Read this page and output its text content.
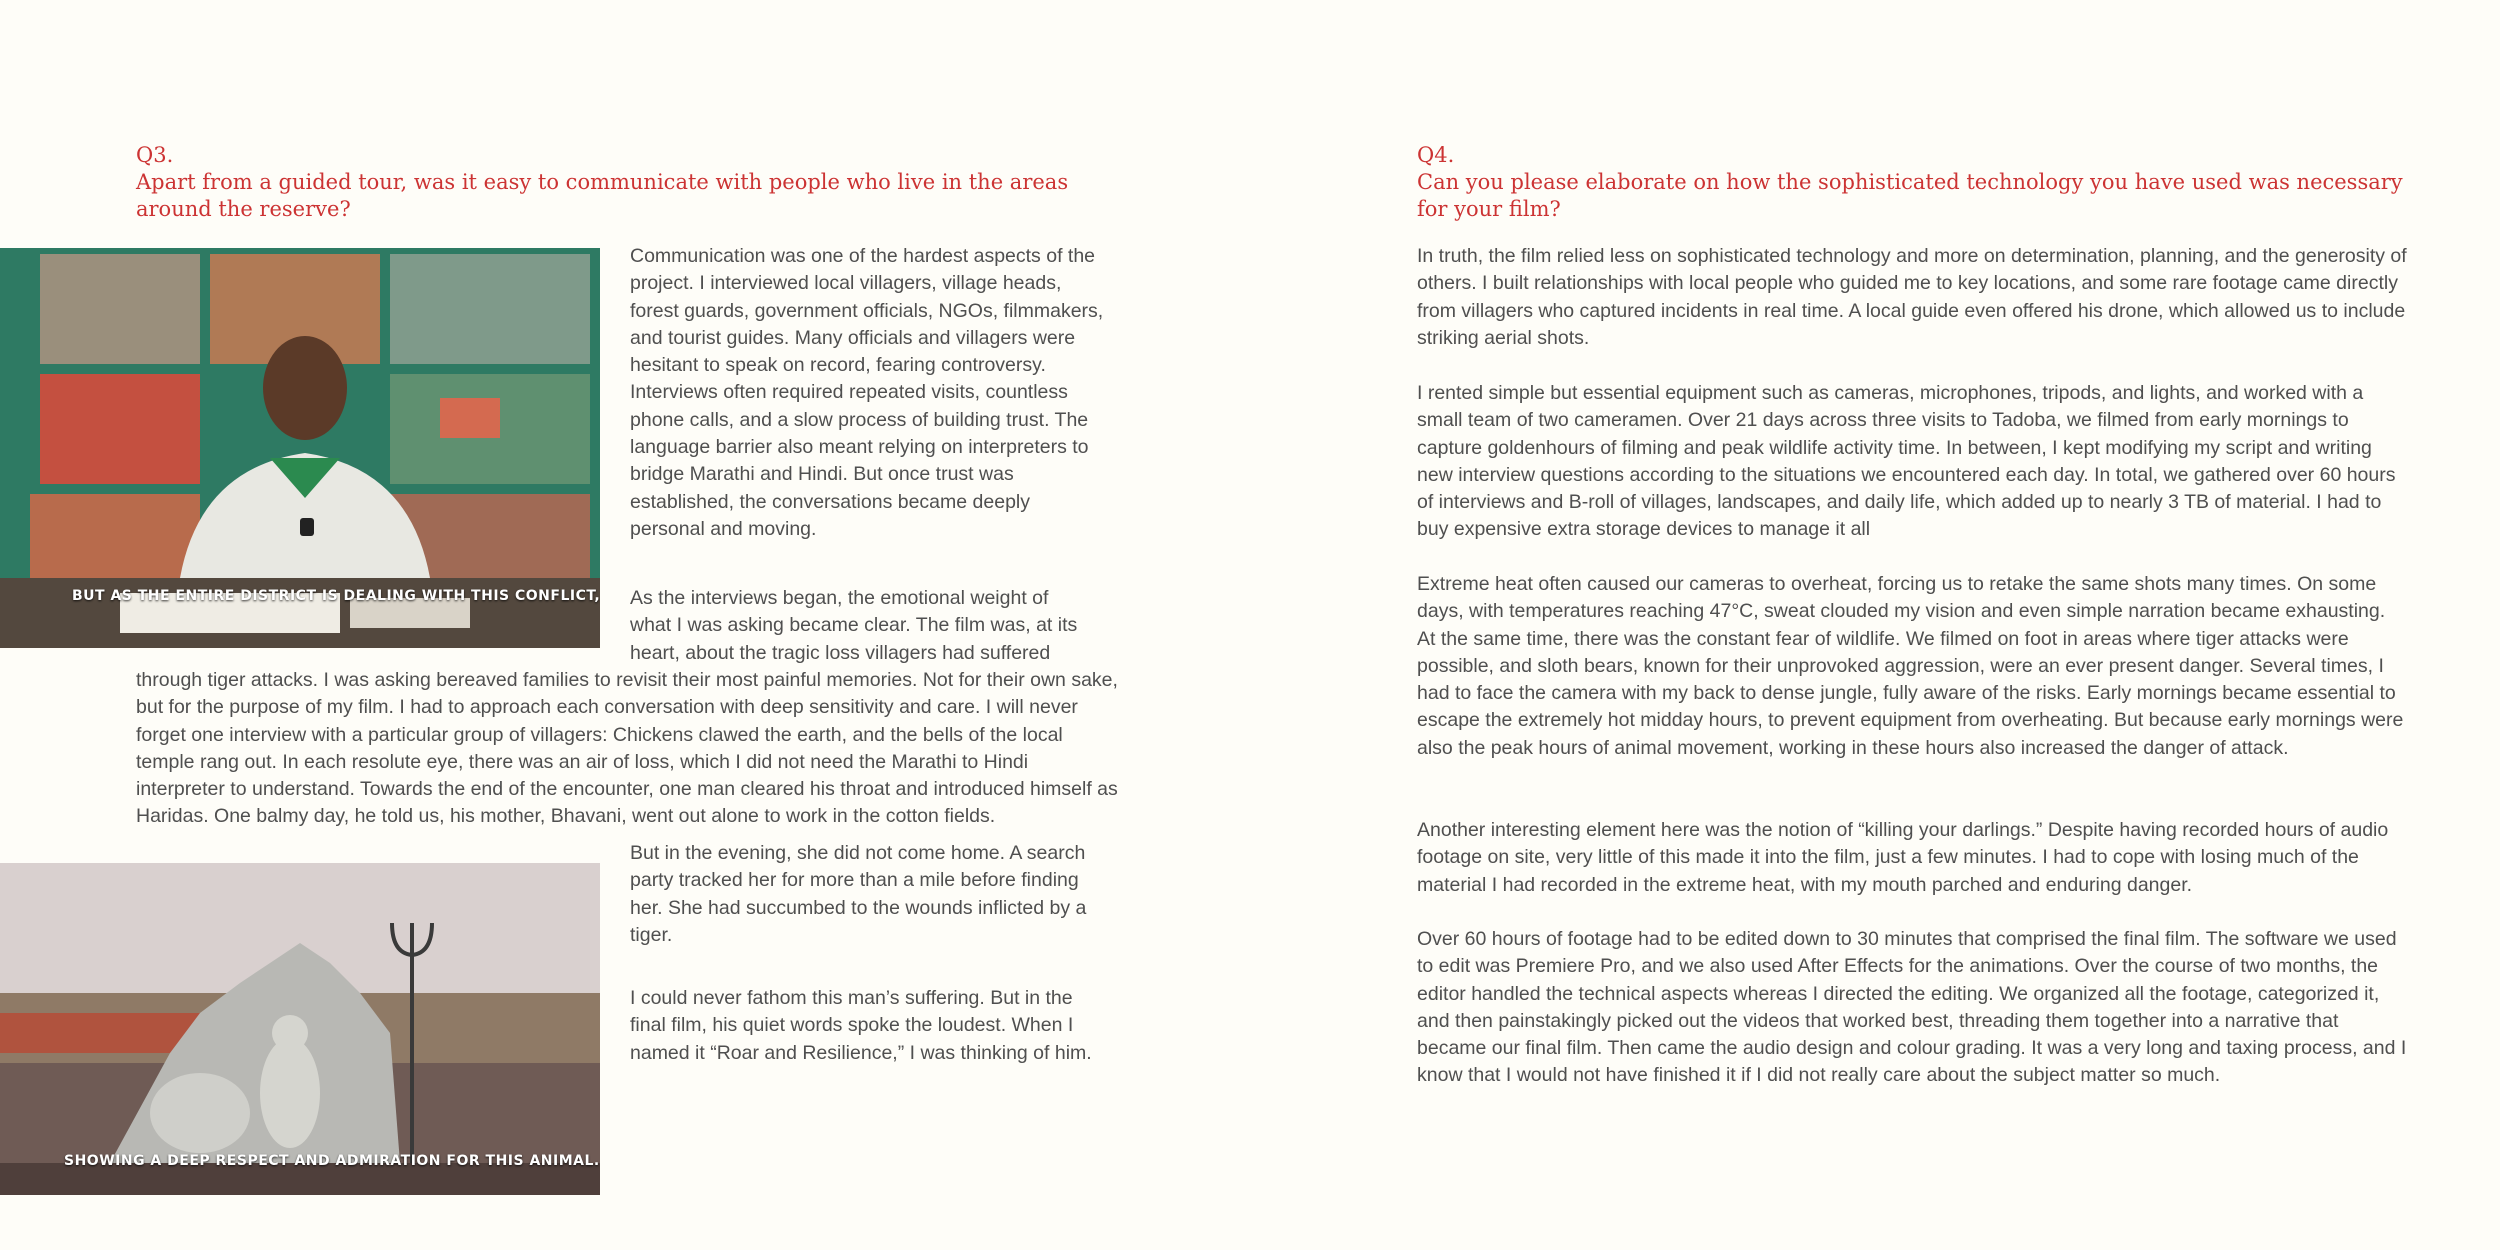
Q3.

Apart from a guided tour, was it easy to communicate with people who live in the areas around the reserve?

BUT AS THE ENTIRE DISTRICT IS DEALING WITH THIS CONFLICT,

Communication was one of the hardest aspects of the project. I interviewed local villagers, village heads, forest guards, government officials, NGOs, filmmakers, and tourist guides. Many officials and villagers were hesitant to speak on record, fearing controversy. Interviews often required repeated visits, countless phone calls, and a slow process of building trust. The language barrier also meant relying on interpreters to bridge Marathi and Hindi. But once trust was established, the conversations became deeply personal and moving.

As the interviews began, the emotional weight of what I was asking became clear. The film was, at its heart, about the tragic loss villagers had suffered

through tiger attacks. I was asking bereaved families to revisit their most painful memories. Not for their own sake, but for the purpose of my film. I had to approach each conversation with deep sensitivity and care. I will never forget one interview with a particular group of villagers: Chickens clawed the earth, and the bells of the local temple rang out. In each resolute eye, there was an air of loss, which I did not need the Marathi to Hindi interpreter to understand. Towards the end of the encounter, one man cleared his throat and introduced himself as Haridas. One balmy day, he told us, his mother, Bhavani, went out alone to work in the cotton fields.

SHOWING A DEEP RESPECT AND ADMIRATION FOR THIS ANIMAL.

But in the evening, she did not come home. A search party tracked her for more than a mile before finding her. She had succumbed to the wounds inflicted by a tiger.

I could never fathom this man’s suffering. But in the final film, his quiet words spoke the loudest. When I named it “Roar and Resilience,” I was thinking of him.

Q4.

Can you please elaborate on how the sophisticated technology you have used was necessary for your film?

In truth, the film relied less on sophisticated technology and more on determination, planning, and the generosity of others. I built relationships with local people who guided me to key locations, and some rare footage came directly from villagers who captured incidents in real time. A local guide even offered his drone, which allowed us to include striking aerial shots.

I rented simple but essential equipment such as cameras, microphones, tripods, and lights, and worked with a small team of two cameramen. Over 21 days across three visits to Tadoba, we filmed from early mornings to capture goldenhours of filming and peak wildlife activity time. In between, I kept modifying my script and writing new interview questions according to the situations we encountered each day. In total, we gathered over 60 hours of interviews and B-roll of villages, landscapes, and daily life, which added up to nearly 3 TB of material. I had to buy expensive extra storage devices to manage it all

Extreme heat often caused our cameras to overheat, forcing us to retake the same shots many times. On some days, with temperatures reaching 47°C, sweat clouded my vision and even simple narration became exhausting. At the same time, there was the constant fear of wildlife. We filmed on foot in areas where tiger attacks were possible, and sloth bears, known for their unprovoked aggression, were an ever present danger. Several times, I had to face the camera with my back to dense jungle, fully aware of the risks. Early mornings became essential to escape the extremely hot midday hours, to prevent equipment from overheating. But because early mornings were also the peak hours of animal movement, working in these hours also increased the danger of attack.

Another interesting element here was the notion of “killing your darlings.” Despite having recorded hours of audio footage on site, very little of this made it into the film, just a few minutes. I had to cope with losing much of the material I had recorded in the extreme heat, with my mouth parched and enduring danger.

Over 60 hours of footage had to be edited down to 30 minutes that comprised the final film. The software we used to edit was Premiere Pro, and we also used After Effects for the animations. Over the course of two months, the editor handled the technical aspects whereas I directed the editing. We organized all the footage, categorized it, and then painstakingly picked out the videos that worked best, threading them together into a narrative that became our final film. Then came the audio design and colour grading. It was a very long and taxing process, and I know that I would not have finished it if I did not really care about the subject matter so much.
